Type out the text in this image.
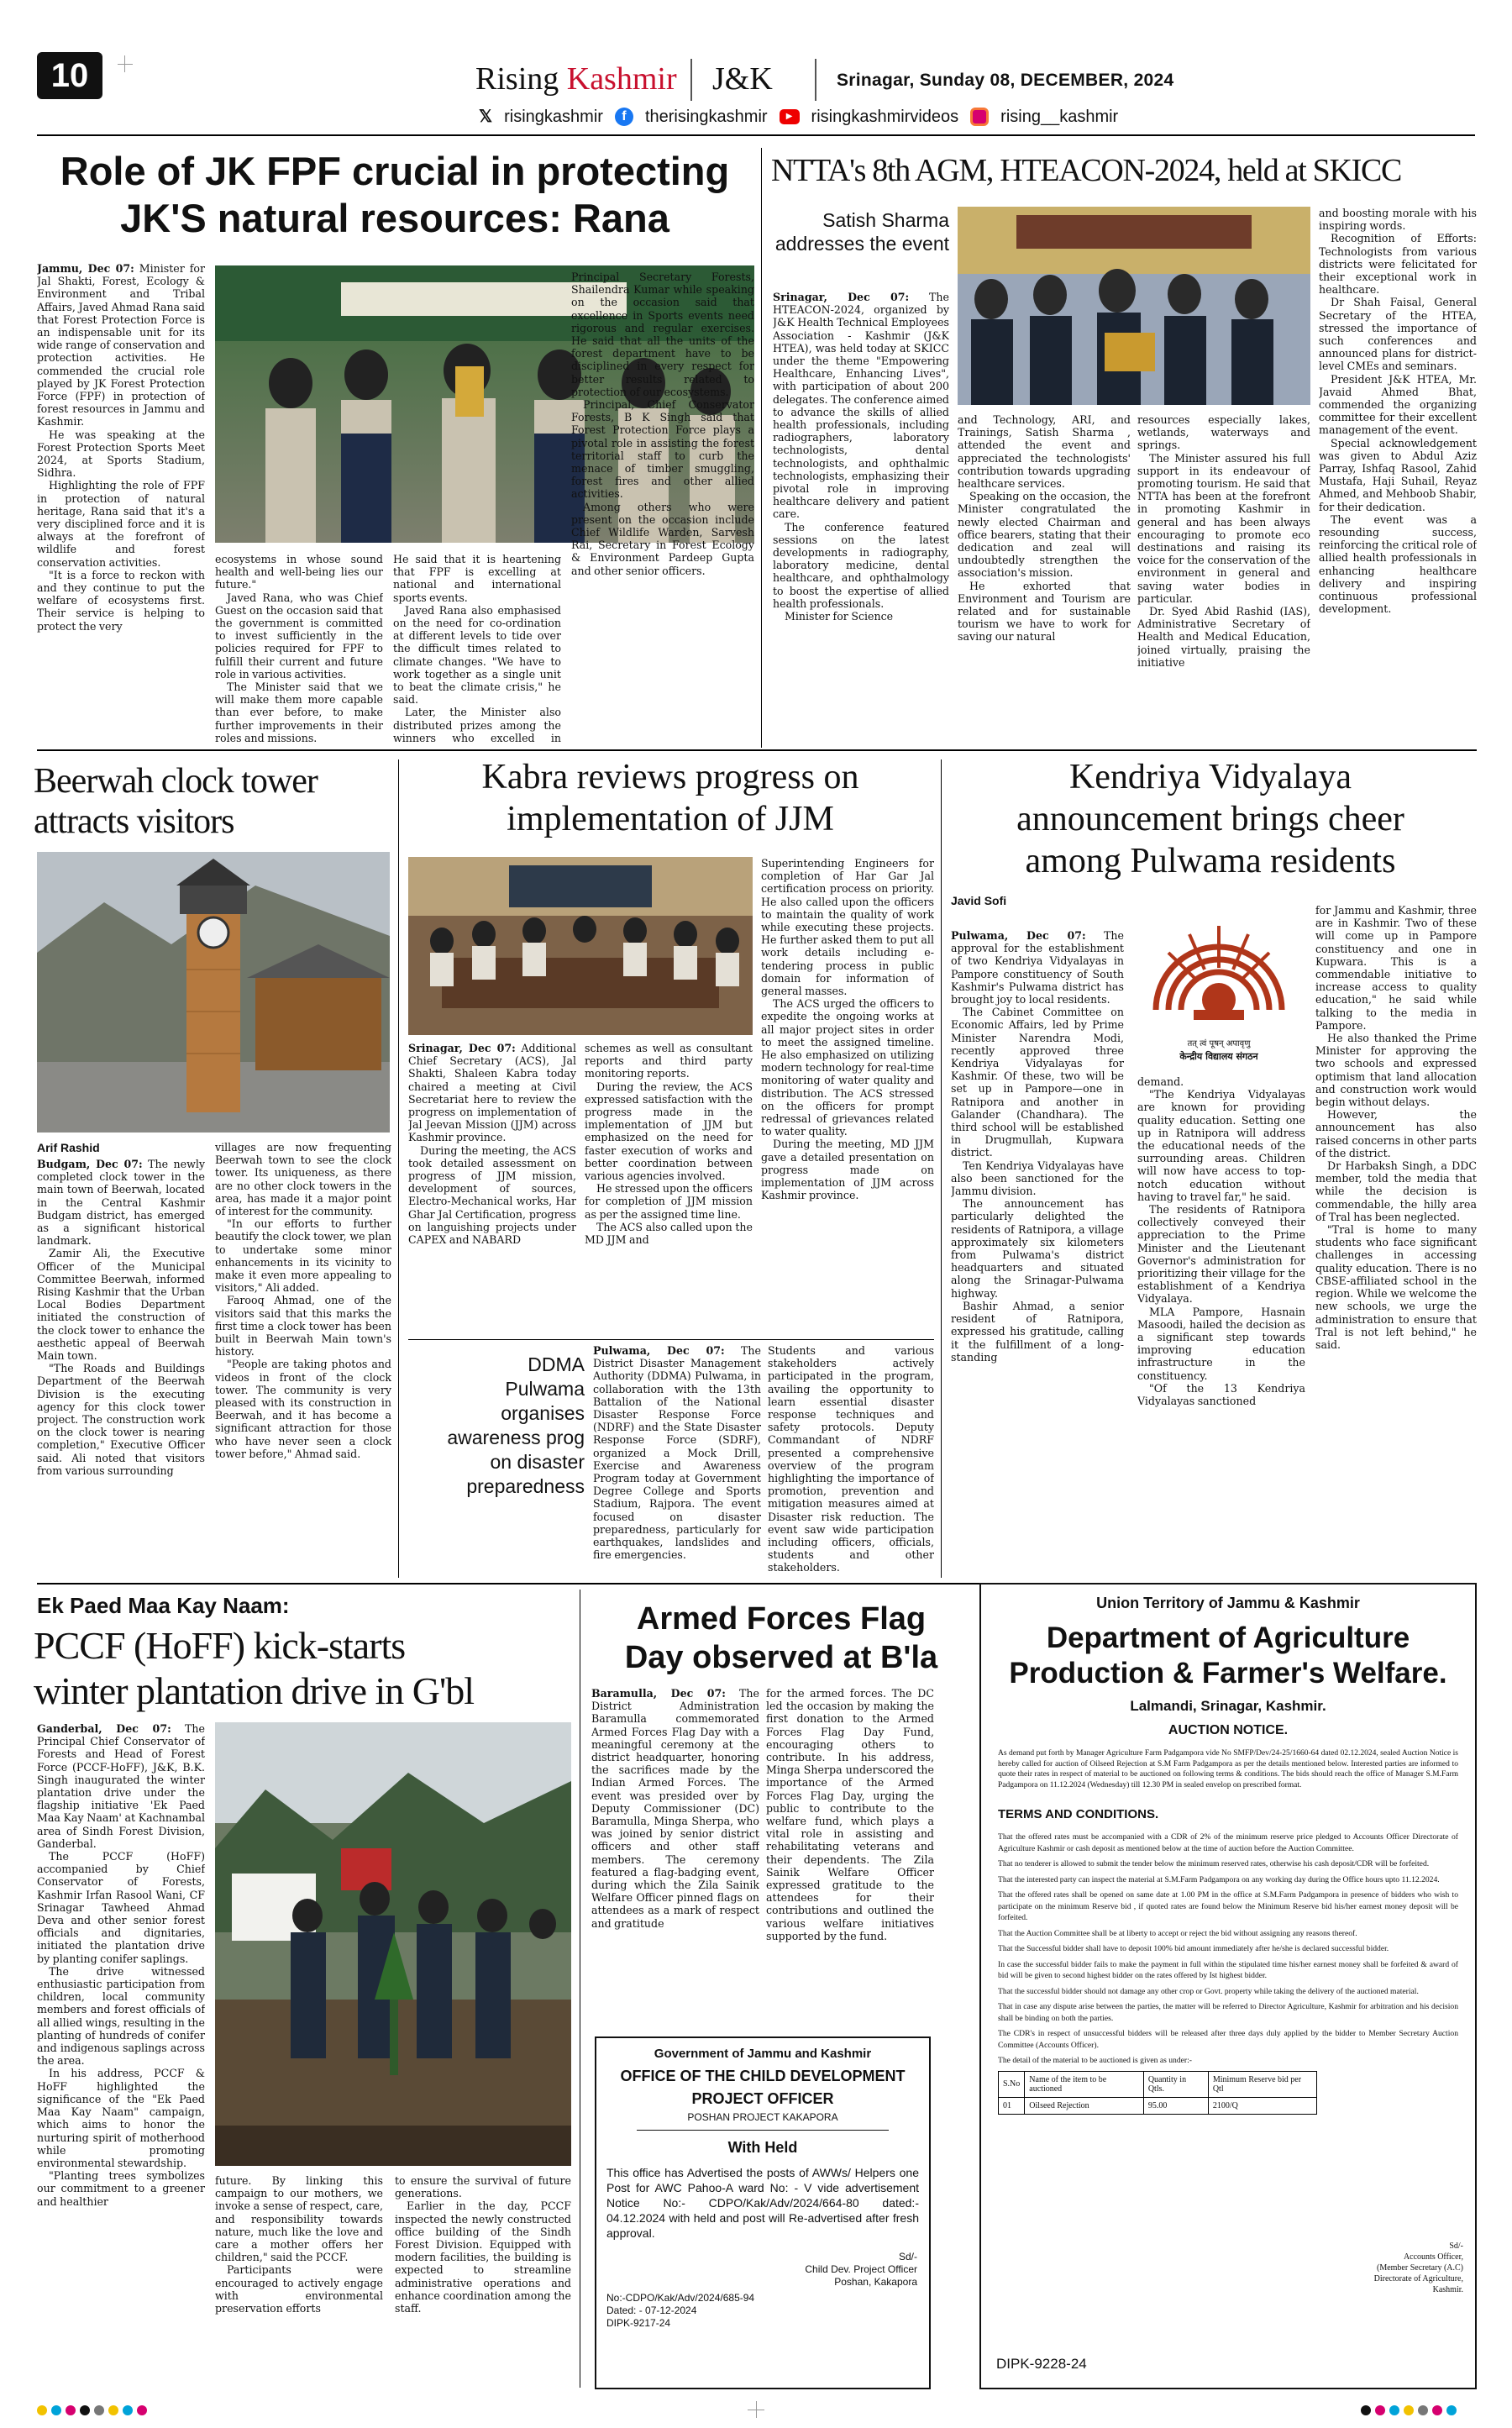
10	Rising Kashmir J&K	Srinagar, Sunday 08, DECEMBER, 2024
𝕏 risingkashmir	f	therisingkashmir	▶	risingkashmirvideos	rising__kashmir
Role of JK FPF crucial in protecting
JK'S natural resources: Rana

Jammu, Dec 07: Minister for Jal Shakti, Forest, Ecology & Environment and Tribal Affairs, Javed Ahmad Rana said that Forest Protection Force is an indispensable unit for its wide range of conservation and protection activities. He commended the crucial role played by JK Forest Protection Force (FPF) in protection of forest resources in Jammu and Kashmir.

He was speaking at the Forest Protection Sports Meet 2024, at Sports Stadium, Sidhra.

Highlighting the role of FPF in protection of natural heritage, Rana said that it's a very disciplined force and it is always at the forefront of wildlife and forest conservation activities.

"It is a force to reckon with and they continue to put the welfare of ecosystems first. Their service is helping to protect the very

ecosystems in whose sound health and well-being lies our future."

Javed Rana, who was Chief Guest on the occasion said that the government is committed to invest sufficiently in the policies required for FPF to fulfill their current and future role in various activities.

The Minister said that we will make them more capable than ever before, to make further improvements in their roles and missions.

He said that it is heartening that FPF is excelling at national and international sports events.

Javed Rana also emphasised on the need for co-ordination at different levels to tide over the difficult times related to climate changes. "We have to work together as a single unit to beat the climate crisis," he said.

Later, the Minister also distributed prizes among the winners who excelled in

Principal Secretary Forests, Shailendra Kumar while speaking on the occasion said that excellence in Sports events need rigorous and regular exercises. He said that all the units of the forest department have to be disciplined in every respect for better results related to protection of our ecosystems.

Principal, Chief Conservator Forests, B K Singh said that Forest Protection Force plays a pivotal role in assisting the forest territorial staff to curb the menace of timber smuggling, forest fires and other allied activities.

Among others who were present on the occasion include Chief Wildlife Warden, Sarvesh Rai, Secretary in Forest Ecology & Environment Pardeep Gupta and other senior officers.

NTTA's 8th AGM, HTEACON-2024, held at SKICC
Satish Sharma
addresses the event

Srinagar, Dec 07: The HTEACON-2024, organized by J&K Health Technical Employees Association - Kashmir (J&K HTEA), was held today at SKICC under the theme "Empowering Healthcare, Enhancing Lives", with participation of about 200 delegates. The conference aimed to advance the skills of allied health professionals, including radiographers, laboratory technologists, dental technologists, and ophthalmic technologists, emphasizing their pivotal role in improving healthcare delivery and patient care.

The conference featured sessions on the latest developments in radiography, laboratory medicine, dental healthcare, and ophthalmology to boost the expertise of allied health professionals.

Minister for Science

and Technology, ARI, and Trainings, Satish Sharma , attended the event and appreciated the technologists' contribution towards upgrading healthcare services.

Speaking on the occasion, the Minister congratulated the newly elected Chairman and office bearers, stating that their dedication and zeal will undoubtedly strengthen the association's mission.

He exhorted that Environment and Tourism are related and for sustainable tourism we have to work for saving our natural

resources especially lakes, wetlands, waterways and springs.

The Minister assured his full support in its endeavour of promoting tourism. He said that NTTA has been at the forefront in promoting Kashmir in general and has been always encouraging to promote eco destinations and raising its voice for the conservation of the environment in general and saving water bodies in particular.

Dr. Syed Abid Rashid (IAS), Administrative Secretary of Health and Medical Education, joined virtually, praising the initiative

and boosting morale with his inspiring words.

Recognition of Efforts: Technologists from various districts were felicitated for their exceptional work in healthcare.

Dr Shah Faisal, General Secretary of the HTEA, stressed the importance of such conferences and announced plans for district-level CMEs and seminars.

President J&K HTEA, Mr. Javaid Ahmed Bhat, commended the organizing committee for their excellent management of the event.

Special acknowledgement was given to Abdul Aziz Parray, Ishfaq Rasool, Zahid Mustafa, Haji Suhail, Reyaz Ahmed, and Mehboob Shabir, for their dedication.

The event was a resounding success, reinforcing the critical role of allied health professionals in enhancing healthcare delivery and inspiring continuous professional development.

Beerwah clock tower
attracts visitors
Arif Rashid

Budgam, Dec 07: The newly completed clock tower in the main town of Beerwah, located in the Central Kashmir Budgam district, has emerged as a significant historical landmark.

Zamir Ali, the Executive Officer of the Municipal Committee Beerwah, informed Rising Kashmir that the Urban Local Bodies Department initiated the construction of the clock tower to enhance the aesthetic appeal of Beerwah Main town.

"The Roads and Buildings Department of the Beerwah Division is the executing agency for this clock tower project. The construction work on the clock tower is nearing completion," Executive Officer said. Ali noted that visitors from various surrounding

villages are now frequenting Beerwah town to see the clock tower. Its uniqueness, as there are no other clock towers in the area, has made it a major point of interest for the community.

"In our efforts to further beautify the clock tower, we plan to undertake some minor enhancements in its vicinity to make it even more appealing to visitors," Ali added.

Farooq Ahmad, one of the visitors said that this marks the first time a clock tower has been built in Beerwah Main town's history.

"People are taking photos and videos in front of the clock tower. The community is very pleased with its construction in Beerwah, and it has become a significant attraction for those who have never seen a clock tower before," Ahmad said.

Kabra reviews progress on
implementation of JJM

Srinagar, Dec 07: Additional Chief Secretary (ACS), Jal Shakti, Shaleen Kabra today chaired a meeting at Civil Secretariat here to review the progress on implementation of Jal Jeevan Mission (JJM) across Kashmir province.

During the meeting, the ACS took detailed assessment on progress of JJM mission, development of sources, Electro-Mechanical works, Har Ghar Jal Certification, progress on languishing projects under CAPEX and NABARD

schemes as well as consultant reports and third party monitoring reports.

During the review, the ACS expressed satisfaction with the progress made in the implementation of JJM but emphasized on the need for faster execution of works and better coordination between various agencies involved.

He stressed upon the officers for completion of JJM mission as per the assigned time line.

The ACS also called upon the MD JJM and

Superintending Engineers for completion of Har Gar Jal certification process on priority. He also called upon the officers to maintain the quality of work while executing these projects. He further asked them to put all work details including e-tendering process in public domain for information of general masses.

The ACS urged the officers to expedite the ongoing works at all major project sites in order to meet the assigned timeline. He also emphasized on utilizing modern technology for real-time monitoring of water quality and distribution. The ACS stressed on the officers for prompt redressal of grievances related to water quality.

During the meeting, MD JJM gave a detailed presentation on progress made on implementation of JJM across Kashmir province.

DDMA
Pulwama
organises
awareness prog
on disaster
preparedness

Pulwama, Dec 07: The District Disaster Management Authority (DDMA) Pulwama, in collaboration with the 13th Battalion of the National Disaster Response Force (NDRF) and the State Disaster Response Force (SDRF), organized a Mock Drill, Exercise and Awareness Program today at Government Degree College and Sports Stadium, Rajpora. The event focused on disaster preparedness, particularly for earthquakes, landslides and fire emergencies.

Students and various stakeholders actively participated in the program, availing the opportunity to learn essential disaster response techniques and safety protocols. Deputy Commandant of NDRF presented a comprehensive overview of the program highlighting the importance of promotion, prevention and mitigation measures aimed at Disaster risk reduction. The event saw wide participation including officers, officials, students and other stakeholders.

Kendriya Vidyalaya
announcement brings cheer
among Pulwama residents
Javid Sofi
तत् त्वं पूषन् अपावृणु
केन्द्रीय विद्यालय संगठन

Pulwama, Dec 07: The approval for the establishment of two Kendriya Vidyalayas in Pampore constituency of South Kashmir's Pulwama district has brought joy to local residents.

The Cabinet Committee on Economic Affairs, led by Prime Minister Narendra Modi, recently approved three Kendriya Vidyalayas for Kashmir. Of these, two will be set up in Pampore—one in Ratnipora and another in Galander (Chandhara). The third school will be established in Drugmullah, Kupwara district.

Ten Kendriya Vidyalayas have also been sanctioned for the Jammu division.

The announcement has particularly delighted the residents of Ratnipora, a village approximately six kilometers from Pulwama's district headquarters and situated along the Srinagar-Pulwama highway.

Bashir Ahmad, a senior resident of Ratnipora, expressed his gratitude, calling it the fulfillment of a long-standing

demand.

"The Kendriya Vidyalayas are known for providing quality education. Setting one up in Ratnipora will address the educational needs of the surrounding areas. Children will now have access to top-notch education without having to travel far," he said.

The residents of Ratnipora collectively conveyed their appreciation to the Prime Minister and the Lieutenant Governor's administration for prioritizing their village for the establishment of a Kendriya Vidyalaya.

MLA Pampore, Hasnain Masoodi, hailed the decision as a significant step towards improving education infrastructure in the constituency.

"Of the 13 Kendriya Vidyalayas sanctioned

for Jammu and Kashmir, three are in Kashmir. Two of these will come up in Pampore constituency and one in Kupwara. This is a commendable initiative to increase access to quality education," he said while talking to the media in Pampore.

He also thanked the Prime Minister for approving the two schools and expressed optimism that land allocation and construction work would begin without delays.

However, the announcement has also raised concerns in other parts of the district.

Dr Harbaksh Singh, a DDC member, told the media that while the decision is commendable, the hilly area of Tral has been neglected.

"Tral is home to many students who face significant challenges in accessing quality education. There is no CBSE-affiliated school in the region. While we welcome the new schools, we urge the administration to ensure that Tral is not left behind," he said.

Ek Paed Maa Kay Naam:
PCCF (HoFF) kick-starts
winter plantation drive in G'bl

Ganderbal, Dec 07: The Principal Chief Conservator of Forests and Head of Forest Force (PCCF-HoFF), J&K, B.K. Singh inaugurated the winter plantation drive under the flagship initiative 'Ek Paed Maa Kay Naam' at Kachnambal area of Sindh Forest Division, Ganderbal.

The PCCF (HoFF) accompanied by Chief Conservator of Forests, Kashmir Irfan Rasool Wani, CF Srinagar Tawheed Ahmad Deva and other senior forest officials and dignitaries, initiated the plantation drive by planting conifer saplings.

The drive witnessed enthusiastic participation from children, local community members and forest officials of all allied wings, resulting in the planting of hundreds of conifer and indigenous saplings across the area.

In his address, PCCF & HoFF highlighted the significance of the "Ek Paed Maa Kay Naam" campaign, which aims to honor the nurturing spirit of motherhood while promoting environmental stewardship.

"Planting trees symbolizes our commitment to a greener and healthier

future. By linking this campaign to our mothers, we invoke a sense of respect, care, and responsibility towards nature, much like the love and care a mother offers her children," said the PCCF.

Participants were encouraged to actively engage with environmental preservation efforts

to ensure the survival of future generations.

Earlier in the day, PCCF inspected the newly constructed office building of the Sindh Forest Division. Equipped with modern facilities, the building is expected to streamline administrative operations and enhance coordination among the staff.

Armed Forces Flag
Day observed at B'la

Baramulla, Dec 07: The District Administration Baramulla commemorated Armed Forces Flag Day with a meaningful ceremony at the district headquarter, honoring the sacrifices made by the Indian Armed Forces. The event was presided over by Deputy Commissioner (DC) Baramulla, Minga Sherpa, who was joined by senior district officers and other staff members. The ceremony featured a flag-badging event, during which the Zila Sainik Welfare Officer pinned flags on attendees as a mark of respect and gratitude

for the armed forces. The DC led the occasion by making the first donation to the Armed Forces Flag Day Fund, encouraging others to contribute. In his address, Minga Sherpa underscored the importance of the Armed Forces Flag Day, urging the public to contribute to the welfare fund, which plays a vital role in assisting and rehabilitating veterans and their dependents. The Zila Sainik Welfare Officer expressed gratitude to the attendees for their contributions and outlined the various welfare initiatives supported by the fund.

Government of Jammu and Kashmir
OFFICE OF THE CHILD DEVELOPMENT
PROJECT OFFICER
POSHAN PROJECT KAKAPORA
With Held
This office has Advertised the posts of AWWs/ Helpers one Post for AWC Pahoo-A ward No: - V vide advertisement Notice No:- CDPO/Kak/Adv/2024/664-80 dated:- 04.12.2024 with held and post will Re-advertised after fresh approval.
Sd/-
Child Dev. Project Officer
Poshan, Kakapora
No:-CDPO/Kak/Adv/2024/685-94
Dated: - 07-12-2024
DIPK-9217-24
Union Territory of Jammu & Kashmir
Department of Agriculture
Production & Farmer's Welfare.
Lalmandi, Srinagar, Kashmir.
AUCTION NOTICE.
As demand put forth by Manager Agriculture Farm Padgampora vide No SMFP/Dev/24-25/1660-64 dated 02.12.2024, sealed Auction Notice is hereby called for auction of Oilseed Rejection at S.M Farm Padgampora as per the details mentioned below. Interested parties are informed to quote their rates in respect of material to be auctioned on following terms & conditions. The bids should reach the office of Manager S.M.Farm Padgampora on 11.12.2024 (Wednesday) till 12.30 PM in sealed envelop on prescribed format.
TERMS AND CONDITIONS.
That the offered rates must be accompanied with a CDR of 2% of the minimum reserve price pledged to Accounts Officer Directorate of Agriculture Kashmir or cash deposit as mentioned below at the time of auction before the Auction Committee.
That no tenderer is allowed to submit the tender below the minimum reserved rates, otherwise his cash deposit/CDR will be forfeited.
That the interested party can inspect the material at S.M.Farm Padgampora on any working day during the Office hours upto 11.12.2024.
That the offered rates shall be opened on same date at 1.00 PM in the office at S.M.Farm Padgampora in presence of bidders who wish to participate on the minimum Reserve bid , if quoted rates are found below the Minimum Reserve bid his/her earnest money deposit will be forfeited.
That the Auction Committee shall be at liberty to accept or reject the bid without assigning any reasons thereof.
That the Successful bidder shall have to deposit 100% bid amount immediately after he/she is declared successful bidder.
In case the successful bidder fails to make the payment in full within the stipulated time his/her earnest money shall be forfeited & award of bid will be given to second highest bidder on the rates offered by Ist highest bidder.
That the successful bidder should not damage any other crop or Govt. property while taking the delivery of the auctioned material.
That in case any dispute arise between the parties, the matter will be referred to Director Agriculture, Kashmir for arbitration and his decision shall be binding on both the parties.
The CDR's in respect of unsuccessful bidders will be released after three days duly applied by the bidder to Member Secretary Auction Committee (Accounts Officer).
The detail of the material to be auctioned is given as under:-
S.No	Name of the item to be auctioned	Quantity in Qtls.	Minimum Reserve bid per Qtl
01	Oilseed Rejection	95.00	2100/Q
Sd/-
Accounts Officer,
(Member Secretary (A.C)
Directorate of Agriculture,
Kashmir.
DIPK-9228-24
